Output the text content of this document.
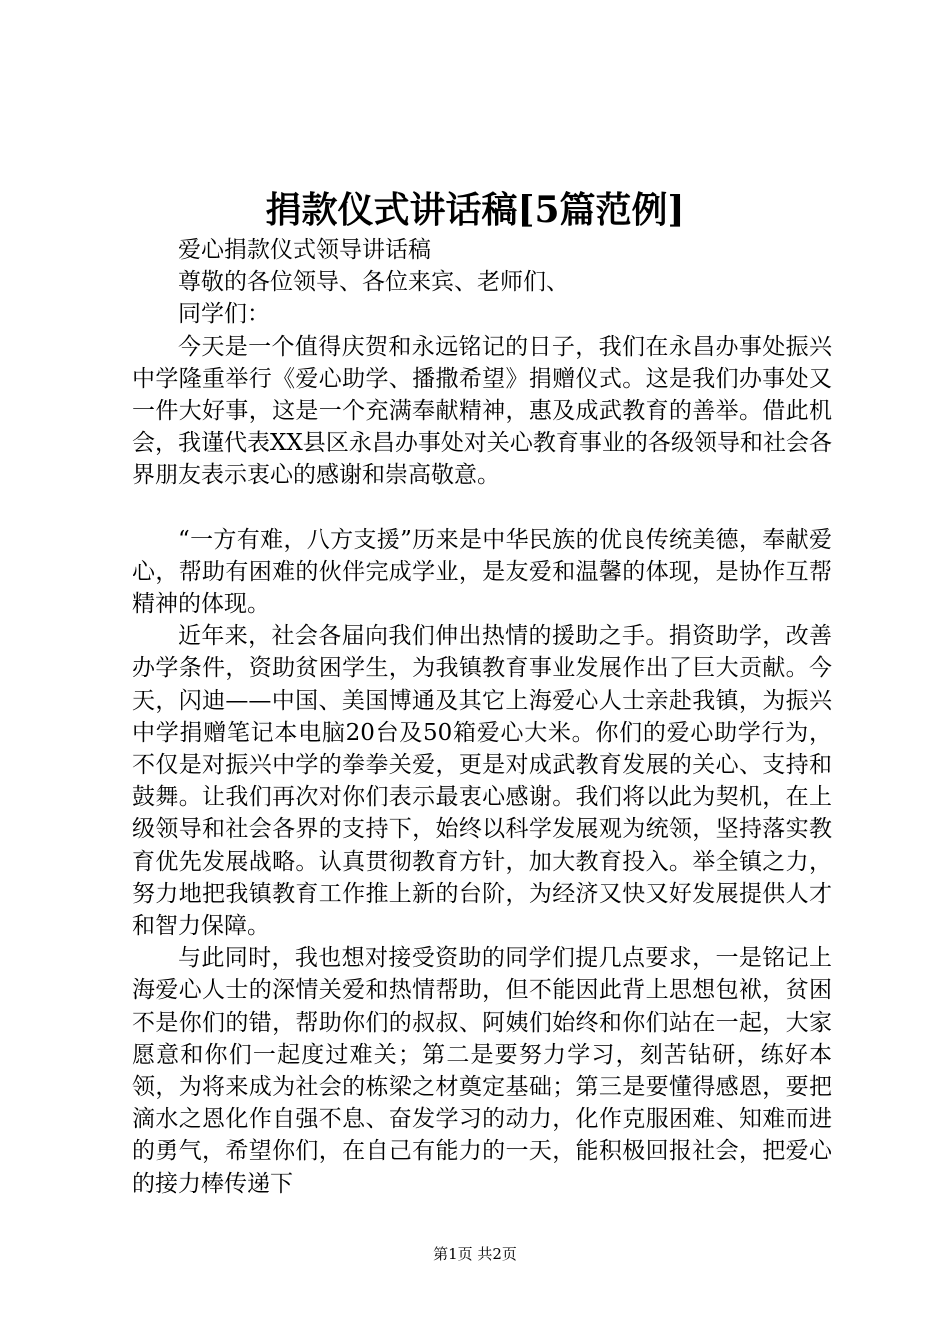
捐款仪式讲话稿[5篇范例]

爱心捐款仪式领导讲话稿

尊敬的各位领导、各位来宾、老师们、

同学们：

今天是一个值得庆贺和永远铭记的日子，我们在永昌办事处振兴中学隆重举行《爱心助学、播撒希望》捐赠仪式。这是我们办事处又一件大好事，这是一个充满奉献精神，惠及成武教育的善举。借此机会，我谨代表XX县区永昌办事处对关心教育事业的各级领导和社会各界朋友表示衷心的感谢和崇高敬意。

“一方有难，八方支援”历来是中华民族的优良传统美德，奉献爱心，帮助有困难的伙伴完成学业，是友爱和温馨的体现，是协作互帮精神的体现。

近年来，社会各届向我们伸出热情的援助之手。捐资助学，改善办学条件，资助贫困学生，为我镇教育事业发展作出了巨大贡献。今天，闪迪——中国、美国博通及其它上海爱心人士亲赴我镇，为振兴中学捐赠笔记本电脑20台及50箱爱心大米。你们的爱心助学行为，不仅是对振兴中学的拳拳关爱，更是对成武教育发展的关心、支持和鼓舞。让我们再次对你们表示最衷心感谢。我们将以此为契机，在上级领导和社会各界的支持下，始终以科学发展观为统领，坚持落实教育优先发展战略。认真贯彻教育方针，加大教育投入。举全镇之力，努力地把我镇教育工作推上新的台阶，为经济又快又好发展提供人才和智力保障。

与此同时，我也想对接受资助的同学们提几点要求，一是铭记上海爱心人士的深情关爱和热情帮助，但不能因此背上思想包袱，贫困不是你们的错，帮助你们的叔叔、阿姨们始终和你们站在一起，大家愿意和你们一起度过难关；第二是要努力学习，刻苦钻研，练好本领，为将来成为社会的栋梁之材奠定基础；第三是要懂得感恩，要把滴水之恩化作自强不息、奋发学习的动力，化作克服困难、知难而进的勇气，希望你们，在自己有能力的一天，能积极回报社会，把爱心的接力棒传递下

第1页 共2页
